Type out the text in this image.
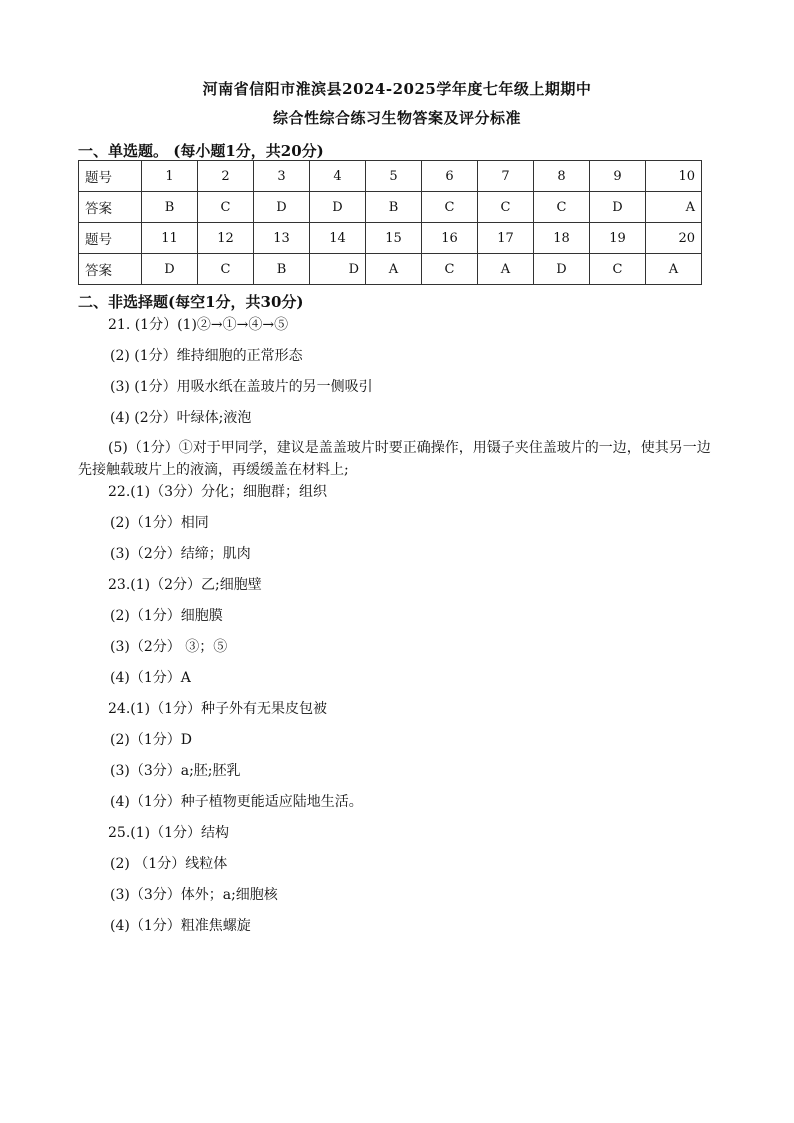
河南省信阳市淮滨县2024-2025学年度七年级上期期中
综合性综合练习生物答案及评分标准
一、单选题。 (每小题1分，共20分)
题号	1	2	3	4	5	6	7	8	9	10
答案	B	C	D	D	B	C	C	C	D	A
题号	11	12	13	14	15	16	17	18	19	20
答案	D	C	B	D	A	C	A	D	C	A
二、非选择题(每空1分，共30分)
21. (1分）(1)②→①→④→⑤
(2) (1分）维持细胞的正常形态
(3) (1分）用吸水纸在盖玻片的另一侧吸引
(4) (2分）叶绿体;液泡
(5)（1分）①对于甲同学，建议是盖盖玻片时要正确操作，用镊子夹住盖玻片的一边，使其另一边先接触载玻片上的液滴，再缓缓盖在材料上;
22.(1)（3分）分化；细胞群；组织
(2)（1分）相同
(3)（2分）结缔；肌肉
23.(1)（2分）乙;细胞壁
(2)（1分）细胞膜
(3)（2分） ③；⑤
(4)（1分）A
24.(1)（1分）种子外有无果皮包被
(2)（1分）D
(3)（3分）a;胚;胚乳
(4)（1分）种子植物更能适应陆地生活。
25.(1)（1分）结构
(2) （1分）线粒体
(3)（3分）体外；a;细胞核
(4)（1分）粗准焦螺旋
